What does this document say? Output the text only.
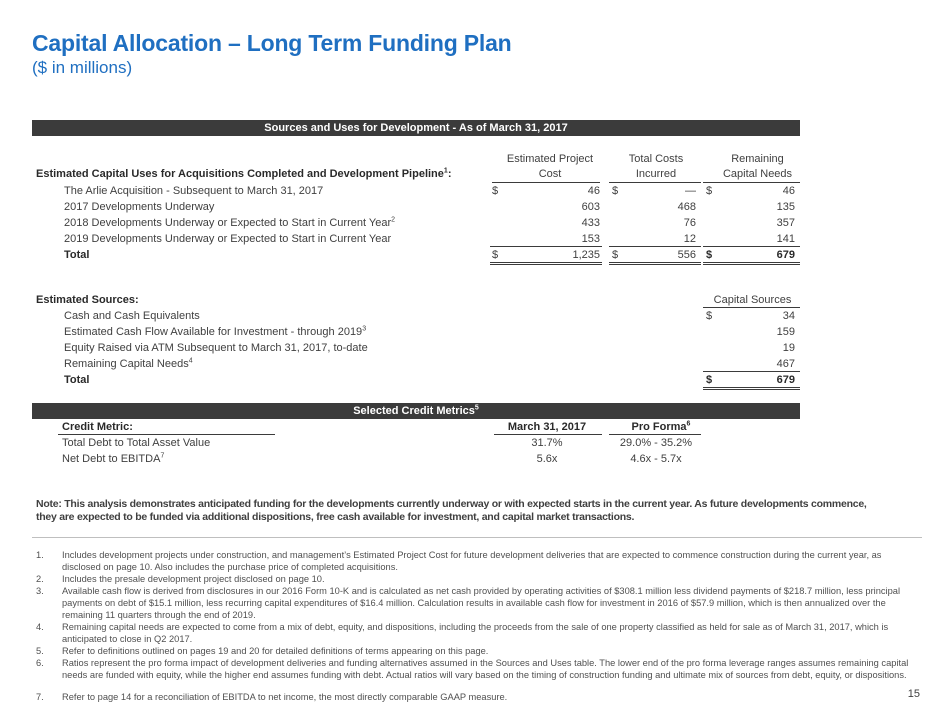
Capital Allocation – Long Term Funding Plan
($ in millions)
Sources and Uses for Development - As of March 31, 2017
Estimated Project
Cost
Total Costs
Incurred
Remaining
Capital Needs
Estimated Capital Uses for Acquisitions Completed and Development Pipeline$^1$:
The Arlie Acquisition - Subsequent to March 31, 2017	$	46 $	— $	46
2017 Developments Underway	603	468	135
2018 Developments Underway or Expected to Start in Current Year$^2$	433	76	357
2019 Developments Underway or Expected to Start in Current Year	153	12	141
Total	$	1,235 $	556 $	679
Estimated Sources:	Capital Sources
Cash and Cash Equivalents	$	34
Estimated Cash Flow Available for Investment - through 2019$^3$	159
Equity Raised via ATM Subsequent to March 31, 2017, to-date	19
Remaining Capital Needs$^4$	467
Total	$	679
Selected Credit Metrics$^5$
Credit Metric:	March 31, 2017	Pro Forma$^6$
Total Debt to Total Asset Value	31.7%	29.0% - 35.2%
Net Debt to EBITDA$^7$	5.6x	4.6x - 5.7x
Note: This analysis demonstrates anticipated funding for the developments currently underway or with expected starts in the current year. As future developments commence,
they are expected to be funded via additional dispositions, free cash available for investment, and capital market transactions.
1. Includes development projects under construction, and management’s Estimated Project Cost for future development deliveries that are expected to commence construction during the current year, as disclosed on page 10. Also includes the purchase price of completed acquisitions.
2. Includes the presale development project disclosed on page 10.
3. Available cash flow is derived from disclosures in our 2016 Form 10-K and is calculated as net cash provided by operating activities of $308.1 million less dividend payments of $218.7 million, less principal payments on debt of $15.1 million, less recurring capital expenditures of $16.4 million. Calculation results in available cash flow for investment in 2016 of $57.9 million, which is then annualized over the remaining 11 quarters through the end of 2019.
4. Remaining capital needs are expected to come from a mix of debt, equity, and dispositions, including the proceeds from the sale of one property classified as held for sale as of March 31, 2017, which is anticipated to close in Q2 2017.
5. Refer to definitions outlined on pages 19 and 20 for detailed definitions of terms appearing on this page.
6. Ratios represent the pro forma impact of development deliveries and funding alternatives assumed in the Sources and Uses table. The lower end of the pro forma leverage ranges assumes remaining capital needs are funded with equity, while the higher end assumes funding with debt. Actual ratios will vary based on the timing of construction funding and ultimate mix of sources from debt, equity, or dispositions.
7. Refer to page 14 for a reconciliation of EBITDA to net income, the most directly comparable GAAP measure.	15
